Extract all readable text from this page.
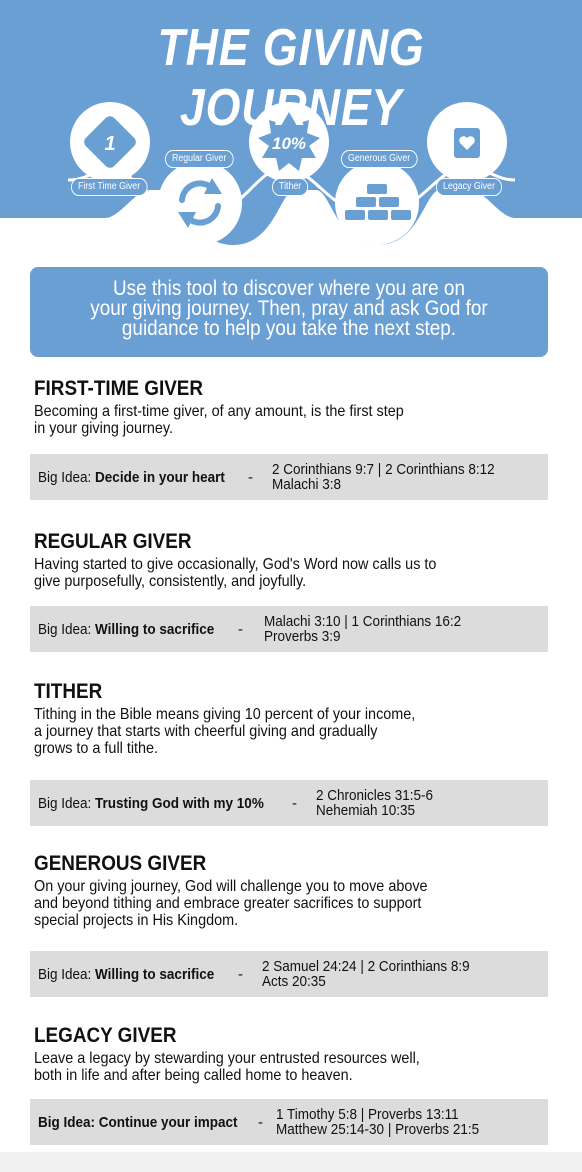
1	10%
THE GIVING JOURNEY
First Time Giver
Regular Giver
Tither
Generous Giver
Legacy Giver
Use this tool to discover where you are on
your giving journey. Then, pray and ask God for
guidance to help you take the next step.
FIRST-TIME GIVER
Becoming a first-time giver, of any amount, is the first step
in your giving journey.
Big Idea: Decide in your heart -	2 Corinthians 9:7 | 2 Corinthians 8:12
Malachi 3:8
REGULAR GIVER
Having started to give occasionally, God's Word now calls us to
give purposefully, consistently, and joyfully.
Big Idea: Willing to sacrifice -	Malachi 3:10 | 1 Corinthians 16:2
Proverbs 3:9
TITHER
Tithing in the Bible means giving 10 percent of your income,
a journey that starts with cheerful giving and gradually
grows to a full tithe.
Big Idea: Trusting God with my 10% -	2 Chronicles 31:5-6
Nehemiah 10:35
GENEROUS GIVER
On your giving journey, God will challenge you to move above
and beyond tithing and embrace greater sacrifices to support
special projects in His Kingdom.
Big Idea: Willing to sacrifice -	2 Samuel 24:24 | 2 Corinthians 8:9
Acts 20:35
LEGACY GIVER
Leave a legacy by stewarding your entrusted resources well,
both in life and after being called home to heaven.
Big Idea: Continue your impact - 1 Timothy 5:8 | Proverbs 13:11
Matthew 25:14-30 | Proverbs 21:5
